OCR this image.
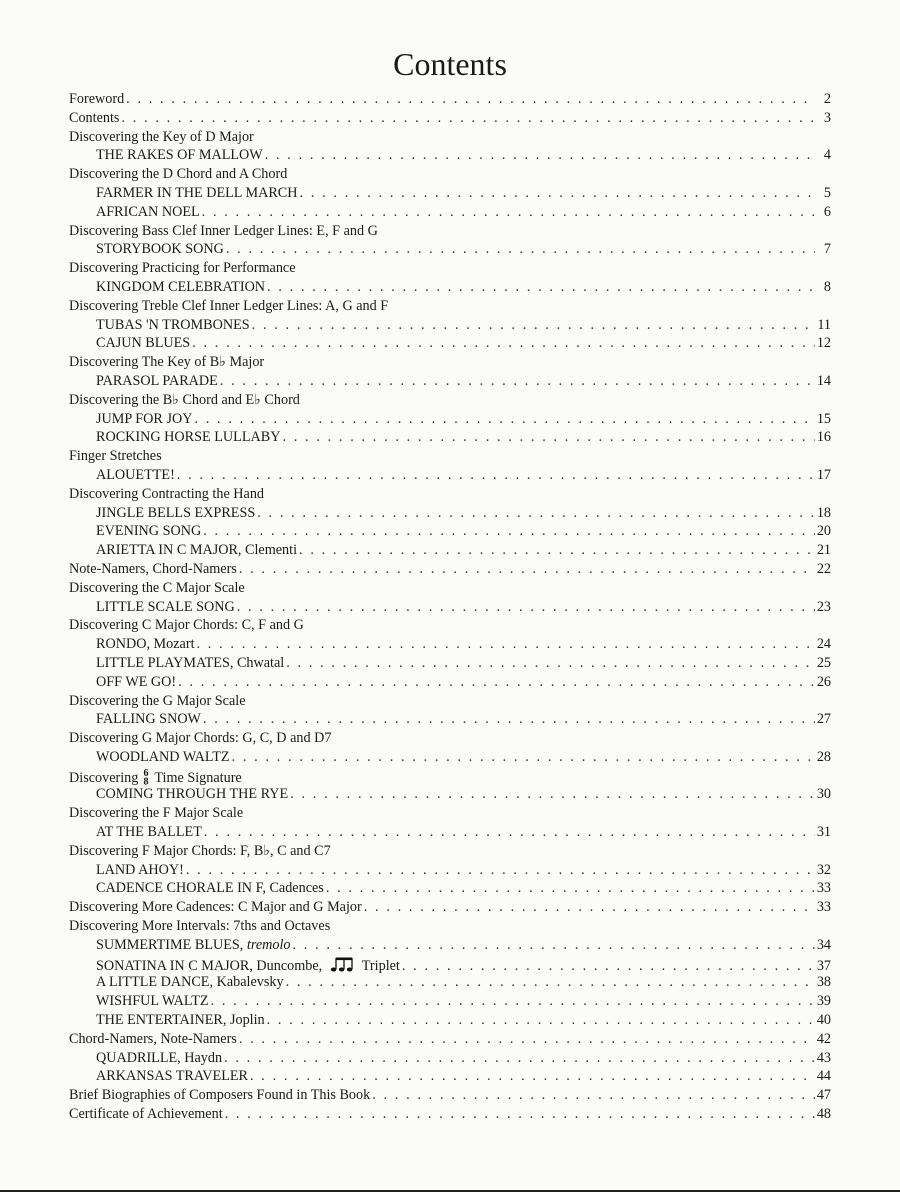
Contents
Foreword . . .	2
Contents . . .	3
Discovering the Key of D Major
THE RAKES OF MALLOW . . .	4
Discovering the D Chord and A Chord
FARMER IN THE DELL MARCH . . .	5
AFRICAN NOEL . . .	6
Discovering Bass Clef Inner Ledger Lines: E, F and G
STORYBOOK SONG . . .	7
Discovering Practicing for Performance
KINGDOM CELEBRATION . . .	8
Discovering Treble Clef Inner Ledger Lines: A, G and F
TUBAS 'N TROMBONES . . .	11
CAJUN BLUES . . .	12
Discovering The Key of B♭ Major
PARASOL PARADE . . .	14
Discovering the B♭ Chord and E♭ Chord
JUMP FOR JOY . . .	15
ROCKING HORSE LULLABY . . .	16
Finger Stretches
ALOUETTE! . . .	17
Discovering Contracting the Hand
JINGLE BELLS EXPRESS . . .	18
EVENING SONG . . .	20
ARIETTA IN C MAJOR, Clementi . . .	21
Note-Namers, Chord-Namers . . .	22
Discovering the C Major Scale
LITTLE SCALE SONG . . .	23
Discovering C Major Chords: C, F and G
RONDO, Mozart . . .	24
LITTLE PLAYMATES, Chwatal . . .	25
OFF WE GO! . . .	26
Discovering the G Major Scale
FALLING SNOW . . .	27
Discovering G Major Chords: G, C, D and D7
WOODLAND WALTZ . . .	28
Discovering 6
8 Time Signature
COMING THROUGH THE RYE . . .	30
Discovering the F Major Scale
AT THE BALLET . . .	31
Discovering F Major Chords: F, B♭, C and C7
LAND AHOY! . . .	32
CADENCE CHORALE IN F, Cadences . . .	33
Discovering More Cadences: C Major and G Major . . .	33
Discovering More Intervals: 7ths and Octaves
SUMMERTIME BLUES, tremolo . . .	34
SONATINA IN C MAJOR, Duncombe,	Triplet . . .	37
A LITTLE DANCE, Kabalevsky . . .	38
WISHFUL WALTZ . . .	39
THE ENTERTAINER, Joplin . . .	40
Chord-Namers, Note-Namers . . .	42
QUADRILLE, Haydn . . .	43
ARKANSAS TRAVELER . . .	44
Brief Biographies of Composers Found in This Book . . .	47
Certificate of Achievement . . .	48
